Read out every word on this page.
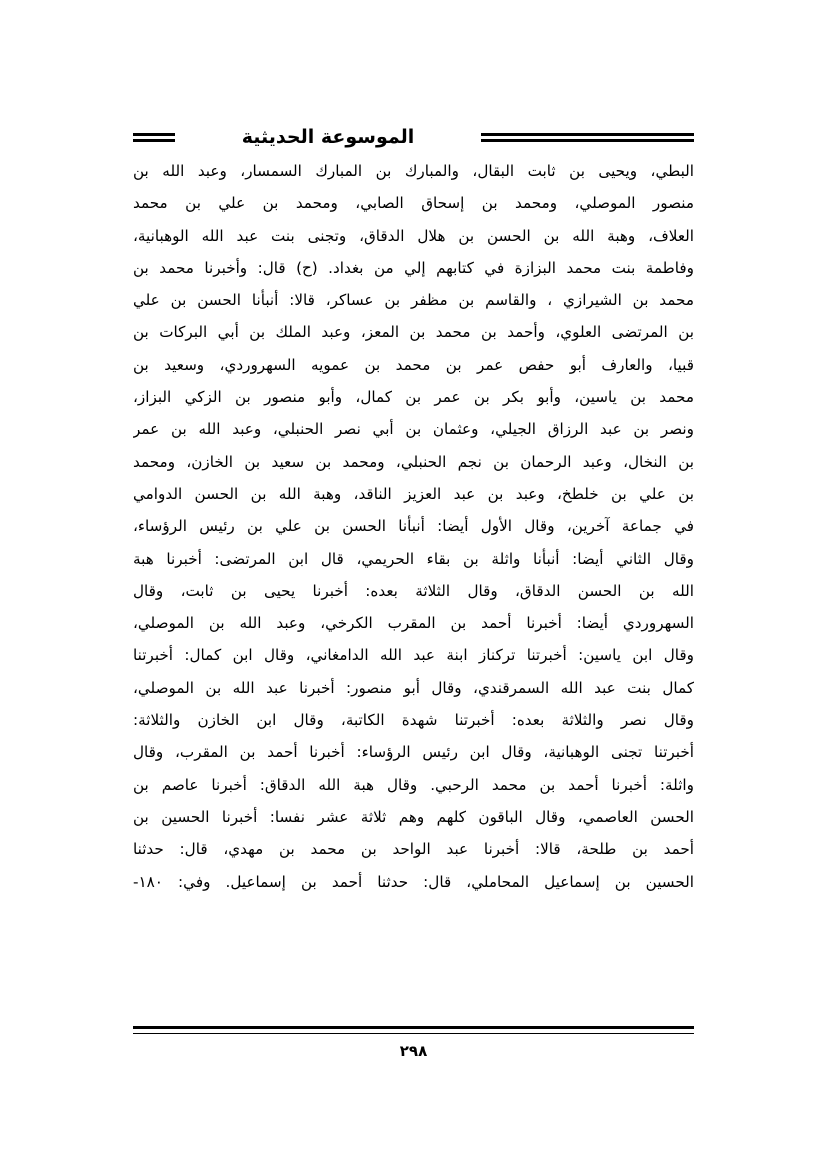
الموسوعة الحديثية
البطي، ويحيى بن ثابت البقال، والمبارك بن المبارك السمسار، وعبد الله بن
منصور الموصلي، ومحمد بن إسحاق الصابي، ومحمد بن علي بن محمد
العلاف، وهبة الله بن الحسن بن هلال الدقاق، وتجنى بنت عبد الله الوهبانية،
وفاطمة بنت محمد البزازة في كتابهم إلي من بغداد. (ح) قال: وأخبرنا محمد بن
محمد بن الشيرازي ، والقاسم بن مظفر بن عساكر، قالا: أنبأنا الحسن بن علي
بن المرتضى العلوي، وأحمد بن محمد بن المعز، وعبد الملك بن أبي البركات بن
قبيا، والعارف أبو حفص عمر بن محمد بن عمويه السهروردي، وسعيد بن
محمد بن ياسين، وأبو بكر بن عمر بن كمال، وأبو منصور بن الزكي البزاز،
ونصر بن عبد الرزاق الجيلي، وعثمان بن أبي نصر الحنبلي، وعبد الله بن عمر
بن النخال، وعبد الرحمان بن نجم الحنبلي، ومحمد بن سعيد بن الخازن، ومحمد
بن علي بن خلطخ، وعبد بن عبد العزيز الناقد، وهبة الله بن الحسن الدوامي
في جماعة آخرين، وقال الأول أيضا: أنبأنا الحسن بن علي بن رئيس الرؤساء،
وقال الثاني أيضا: أنبأنا واثلة بن بقاء الحريمي، قال ابن المرتضى: أخبرنا هبة
الله بن الحسن الدقاق، وقال الثلاثة بعده: أخبرنا يحيى بن ثابت، وقال
السهروردي أيضا: أخبرنا أحمد بن المقرب الكرخي، وعبد الله بن الموصلي،
وقال ابن ياسين: أخبرتنا تركناز ابنة عبد الله الدامغاني، وقال ابن كمال: أخبرتنا
كمال بنت عبد الله السمرقندي، وقال أبو منصور: أخبرنا عبد الله بن الموصلي،
وقال نصر والثلاثة بعده: أخبرتنا شهدة الكاتبة، وقال ابن الخازن والثلاثة:
أخبرتنا تجنى الوهبانية، وقال ابن رئيس الرؤساء: أخبرنا أحمد بن المقرب، وقال
واثلة: أخبرنا أحمد بن محمد الرحبي. وقال هبة الله الدقاق: أخبرنا عاصم بن
الحسن العاصمي، وقال الباقون كلهم وهم ثلاثة عشر نفسا: أخبرنا الحسين بن
أحمد بن طلحة، قالا: أخبرنا عبد الواحد بن محمد بن مهدي، قال: حدثنا
الحسين بن إسماعيل المحاملي، قال: حدثنا أحمد بن إسماعيل. وفي: ١٨٠-
٢٩٨
